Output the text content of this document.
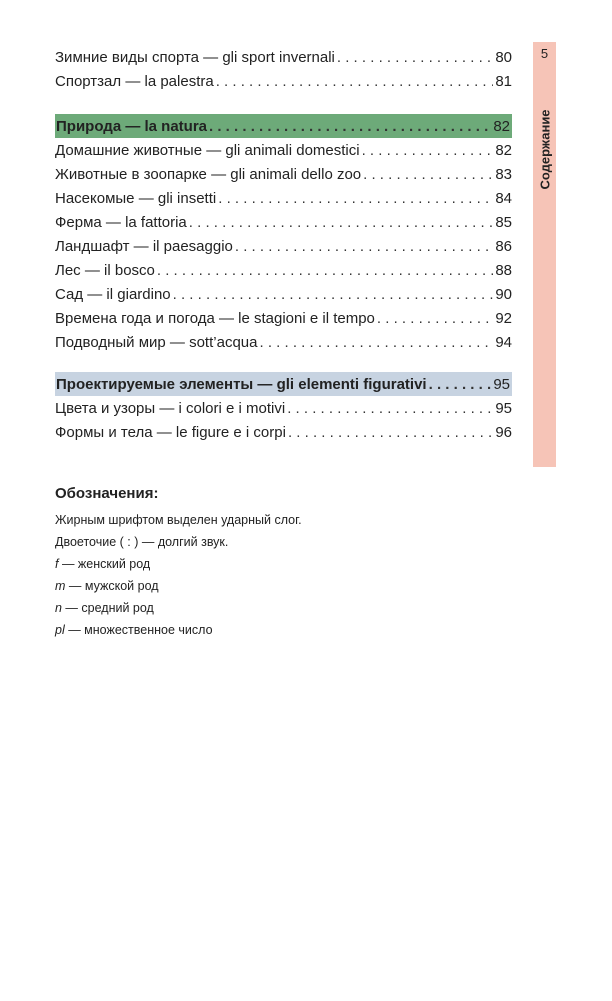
Зимние виды спорта — gli sport invernali . . .	80
Спортзал — la palestra . . .	81
Природа — la natura . . .	82
Домашние животные — gli animali domestici . . .	82
Животные в зоопарке — gli animali dello zoo . . .	83
Насекомые — gli insetti . . .	84
Ферма — la fattoria . . .	85
Ландшафт — il paesaggio . . .	86
Лес — il bosco . . .	88
Сад — il giardino . . .	90
Времена года и погода — le stagioni e il tempo . . .	92
Подводный мир — sott’acqua . . .	94
Проектируемые элементы — gli elementi figurativi . . .	95
Цвета и узоры — i colori e i motivi . . .	95
Формы и тела — le figure e i corpi . . .	96
5
Содержание
Обозначения:
Жирным шрифтом выделен ударный слог.
Двоеточие ( : ) — долгий звук.
f — женский род
m — мужской род
n — средний род
pl — множественное число
